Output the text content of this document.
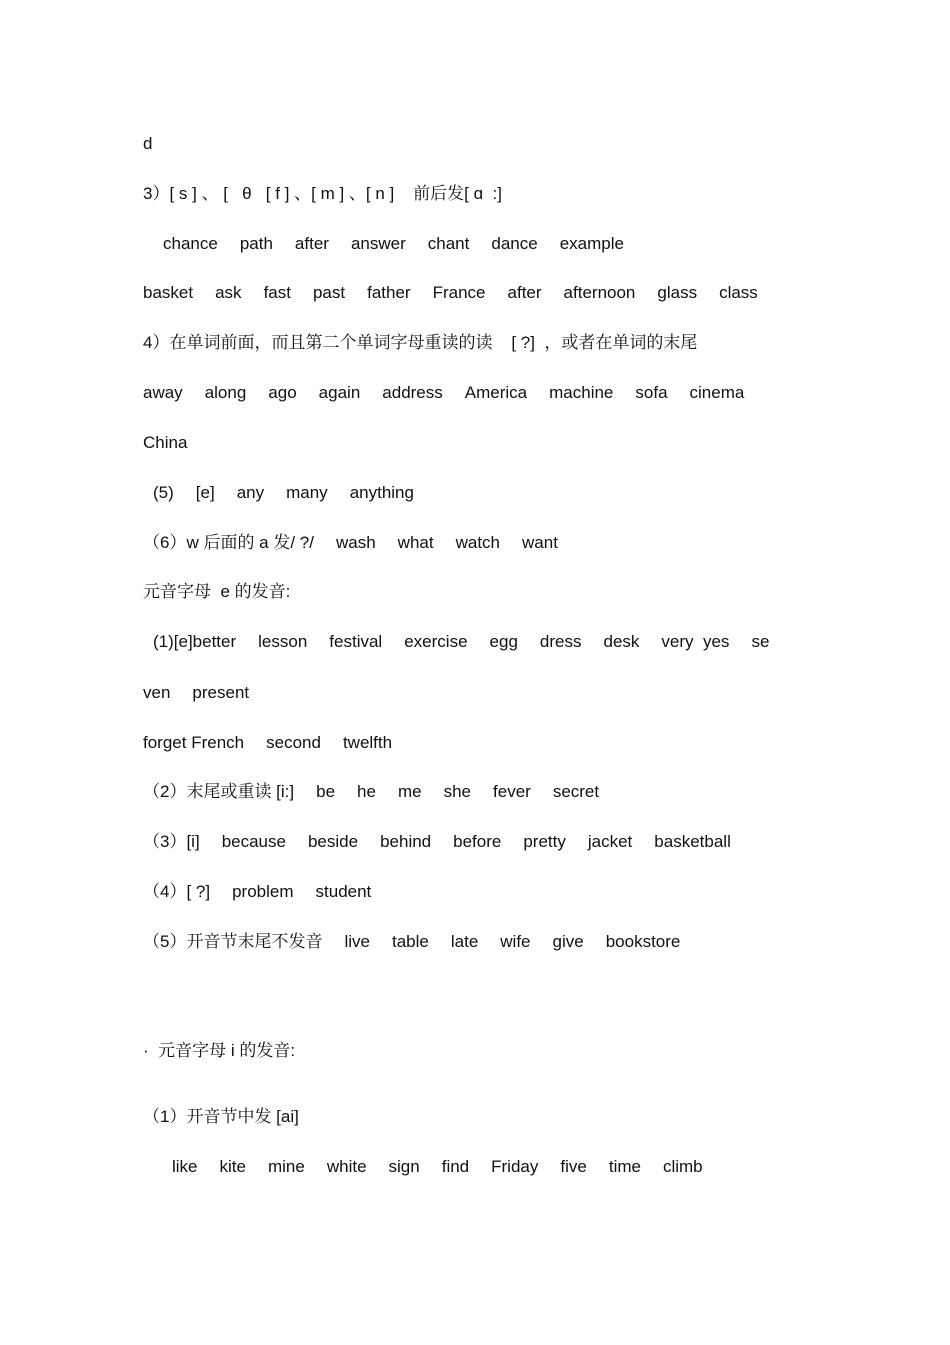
d
3）[ s ] 、 [   θ   [ f ] 、[ m ] 、[ n ]    前后发[ ɑ  :]
chance path after answer chant dance example
basket ask fast past father France after afternoon glass class
4）在单词前面，而且第二个单词字母重读的读    [ ?]  ，或者在单词的末尾
away along ago again address America machine sofa cinema
China
(5) [e] any many anything
（6）w 后面的 a 发/ ?/ wash what watch want
元音字母  e 的发音:
(1)[e]better lesson festival exercise egg dress desk very  yes se
ven present
forget French second twelfth
（2）末尾或重读 [i:] be he me she fever secret
（3）[i] because beside behind before pretty jacket basketball
（4）[ ?] problem student
（5）开音节末尾不发音 live table late wife give bookstore
·  元音字母 i 的发音:
（1）开音节中发 [ai]
like kite mine white sign find Friday five time climb
